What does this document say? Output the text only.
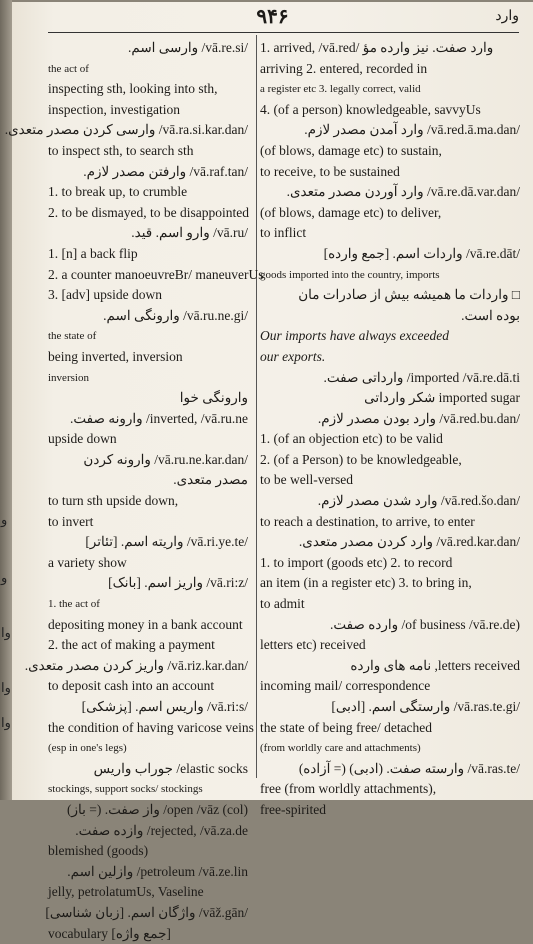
و
و
وا
وا
وا
۹۴۶	وارد
/vā.re.si/ وارسی اسم.
the act of
inspecting sth, looking into sth,
inspection, investigation
/vā.ra.si.kar.dan/ وارسی کردن مصدر متعدی.
to inspect sth, to search sth
/vā.raf.tan/ وارفتن مصدر لازم.
1. to break up, to crumble
2. to be dismayed, to be disappointed
/vā.ru/ وارو اسم. قید.
1. [n] a back flip
2. a counter manoeuvreBr/ maneuverUs
3. [adv] upside down
/vā.ru.ne.gi/ وارونگی اسم.
the state of
being inverted, inversion
inversion
وارونگی خوا
inverted, /vā.ru.ne/ وارونه صفت.
upside down
/vā.ru.ne.kar.dan/ وارونه کردن
مصدر متعدی.
to turn sth upside down,
to invert
/vā.ri.ye.te/ واریته اسم. [تئاتر]
a variety show
/vā.ri:z/ واریز اسم. [بانک]
1. the act of
depositing money in a bank account
2. the act of making a payment
/vā.riz.kar.dan/ واریز کردن مصدر متعدی.
to deposit cash into an account
/vā.ri:s/ واریس اسم. [پزشکی]
the condition of having varicose veins
(esp in one's legs)
elastic socks/ جوراب واریس
stockings, support socks/ stockings
(col) open /vāz/ واز صفت. (= باز)
rejected, /vā.za.de/ وازده صفت.
blemished (goods)
petroleum /vā.ze.lin/ وازلین اسم.
jelly, petrolatumUs, Vaseline
/vāž.gān/ واژگان اسم. [زبان شناسی]
vocabulary [جمع واژه]
1. arrived, /vā.red/ وارد صفت. نیز وارده مؤ
arriving 2. entered, recorded in
a register etc 3. legally correct, valid
4. (of a person) knowledgeable, savvyUs
/vā.red.ā.ma.dan/ وارد آمدن مصدر لازم.
(of blows, damage etc) to sustain,
to receive, to be sustained
/vā.re.dā.var.dan/ وارد آوردن مصدر متعدی.
(of blows, damage etc) to deliver,
to inflict
/vā.re.dāt/ واردات اسم. [جمع وارده]
goods imported into the country, imports
□ واردات ما همیشه بیش از صادرات مان
بوده است.
Our imports have always exceeded
our exports.
imported /vā.re.dā.ti/ وارداتی صفت.
imported sugar شکر وارداتی
/vā.red.bu.dan/ وارد بودن مصدر لازم.
1. (of an objection etc) to be valid
2. (of a Person) to be knowledgeable,
to be well-versed
/vā.red.šo.dan/ وارد شدن مصدر لازم.
to reach a destination, to arrive, to enter
/vā.red.kar.dan/ وارد کردن مصدر متعدی.
1. to import (goods etc) 2. to record
an item (in a register etc) 3. to bring in,
to admit
(of business /vā.re.de/ وارده صفت.
letters etc) received
letters received, نامه های وارده
incoming mail/ correspondence
/vā.ras.te.gi/ وارستگی اسم. [ادبی]
the state of being free/ detached
(from worldly care and attachments)
/vā.ras.te/ وارسته صفت. (ادبی) (= آزاده)
free (from worldly attachments),
free-spirited
